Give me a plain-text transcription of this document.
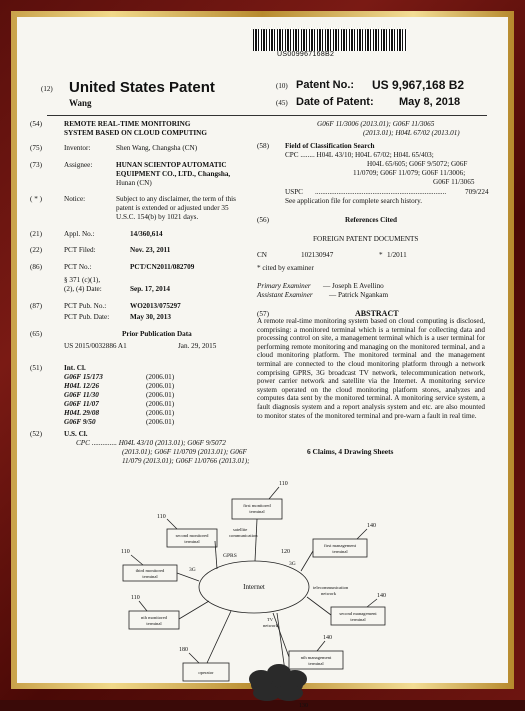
US009967168B2
(12) United States Patent
Wang
(10) Patent No.: US 9,967,168 B2
(45) Date of Patent: May 8, 2018
(54)	REMOTE REAL-TIME MONITORING
SYSTEM BASED ON CLOUD COMPUTING
(75)	Inventor:	Shen Wang, Changsha (CN)
(73)	Assignee:	HUNAN SCIENTOP AUTOMATIC
EQUIPMENT CO., LTD., Changsha,
Hunan (CN)
( * )	Notice:	Subject to any disclaimer, the term of this
patent is extended or adjusted under 35
U.S.C. 154(b) by 1021 days.
(21)	Appl. No.:	14/360,614
(22)	PCT Filed:	Nov. 23, 2011
(86)	PCT No.:	PCT/CN2011/082709
§ 371 (c)(1),
(2), (4) Date:	Sep. 17, 2014
(87)	PCT Pub. No.:	WO2013/075297
PCT Pub. Date:	May 30, 2013
(65)	Prior Publication Data
US 2015/0032886 A1	Jan. 29, 2015
(51)	Int. Cl.
G06F 15/173	(2006.01)
H04L 12/26	(2006.01)
G06F 11/30	(2006.01)
G06F 11/07	(2006.01)
H04L 29/08	(2006.01)
G06F 9/50	(2006.01)
(52)	U.S. Cl.
CPC .............. H04L 43/10 (2013.01); G06F 9/5072
(2013.01); G06F 11/0709 (2013.01); G06F
11/079 (2013.01); G06F 11/0766 (2013.01);
G06F 11/3006 (2013.01); G06F 11/3065
(2013.01); H04L 67/02 (2013.01)
(58) Field of Classification Search
CPC ........ H04L 43/10; H04L 67/02; H04L 65/403;
H04L 65/605; G06F 9/5072; G06F
11/0709; G06F 11/079; G06F 11/3006;
G06F 11/3065
USPC .........................................................................	709/224
See application file for complete search history.
(56)	References Cited
FOREIGN PATENT DOCUMENTS
CN	102130947	* 1/2011
* cited by examiner
Primary Examiner — Joseph E Avellino
Assistant Examiner — Patrick Ngankam
(57)	ABSTRACT
A remote real-time monitoring system based on cloud computing is disclosed, comprising: a monitored terminal which is a terminal for collecting data and processing control on site, a management terminal which is a user terminal for performing remote monitoring and managing on the monitored terminal, and a cloud monitoring platform. The monitored terminal and the management terminal are connected to the cloud monitoring platform through a network comprising GPRS, 3G broadcast TV network, telecommunication network, power carrier network and satellite via the Internet. A monitoring service system operated on the cloud monitoring platform stores, analyzes and computes data sent by the monitored terminal. A monitoring service system, a fault diagnosis system and a report analysis system and etc. are also mounted to monitor states of the monitored terminal and pre-warn a fault in real time.
6 Claims, 4 Drawing Sheets
Internet
110
first monitored
terminal
110
second monitored
terminal
satellite
communication
GPRS
120
140
first management
terminal
110
third monitored
terminal
3G
3G
telecommunication
network	140
second management
terminal
110
nth monitored
terminal
TV
network
140
nth management
terminal
180
operator
130
